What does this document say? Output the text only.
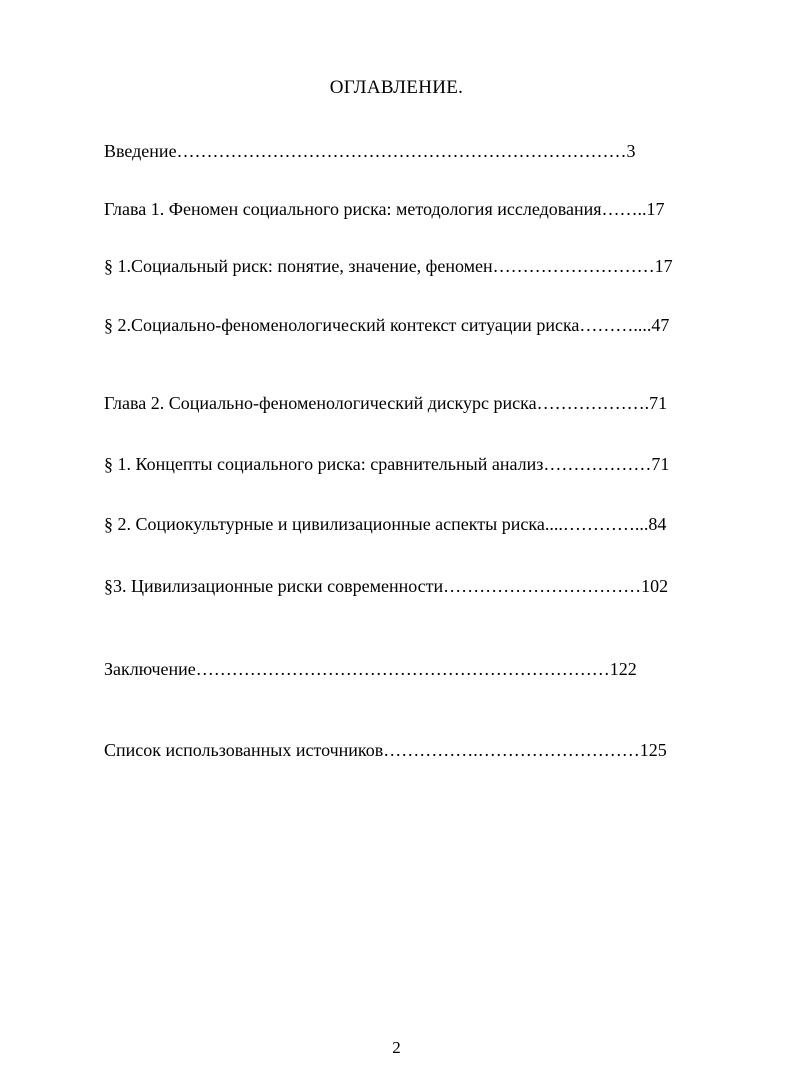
ОГЛАВЛЕНИЕ.
Введение…………………………………………………………………3
Глава 1. Феномен социального риска: методология исследования……..17
§ 1.Социальный риск: понятие, значение, феномен………………………17
§ 2.Социально-феноменологический контекст ситуации риска………....47
Глава 2. Социально-феноменологический дискурс риска……………….71
§ 1. Концепты социального риска: сравнительный анализ………………71
§ 2. Социокультурные и цивилизационные аспекты риска....…………...84
§3. Цивилизационные риски современности……………………………102
Заключение……………………………………………………………122
Список использованных источников…………….………………………125
2
